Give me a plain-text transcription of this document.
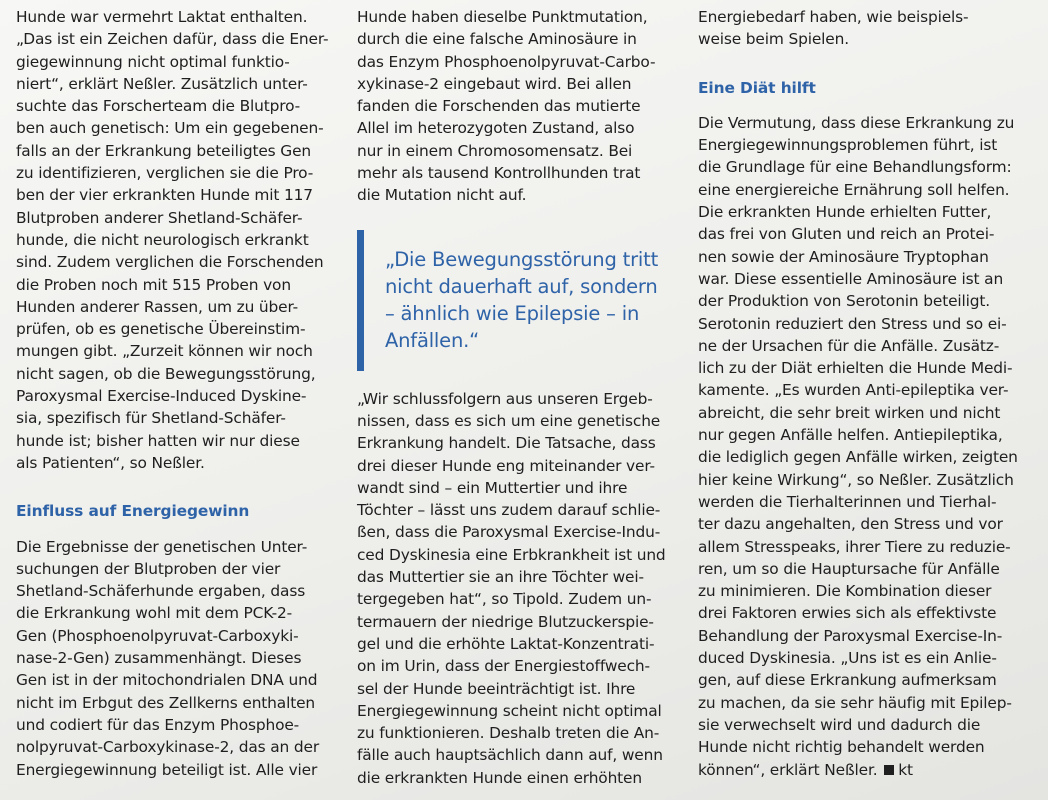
Hunde war vermehrt Laktat enthalten.
„Das ist ein Zeichen dafür, dass die Ener-
giegewinnung nicht optimal funktio-
niert“, erklärt Neßler. Zusätzlich unter-
suchte das Forscherteam die Blutpro-
ben auch genetisch: Um ein gegebenen-
falls an der Erkrankung beteiligtes Gen
zu identifizieren, verglichen sie die Pro-
ben der vier erkrankten Hunde mit 117
Blutproben anderer Shetland-Schäfer-
hunde, die nicht neurologisch erkrankt
sind. Zudem verglichen die Forschenden
die Proben noch mit 515 Proben von
Hunden anderer Rassen, um zu über-
prüfen, ob es genetische Übereinstim-
mungen gibt. „Zurzeit können wir noch
nicht sagen, ob die Bewegungsstörung,
Paroxysmal Exercise-Induced Dyskine-
sia, spezifisch für Shetland-Schäfer-
hunde ist; bisher hatten wir nur diese
als Patienten“, so Neßler.
Einfluss auf Energiegewinn
Die Ergebnisse der genetischen Unter-
suchungen der Blutproben der vier
Shetland-Schäferhunde ergaben, dass
die Erkrankung wohl mit dem PCK-2-
Gen (Phosphoenolpyruvat-Carboxyki-
nase-2-Gen) zusammenhängt. Dieses
Gen ist in der mitochondrialen DNA und
nicht im Erbgut des Zellkerns enthalten
und codiert für das Enzym Phosphoe-
nolpyruvat-Carboxykinase-2, das an der
Energiegewinnung beteiligt ist. Alle vier
Hunde haben dieselbe Punktmutation,
durch die eine falsche Aminosäure in
das Enzym Phosphoenolpyruvat-Carbo-
xykinase-2 eingebaut wird. Bei allen
fanden die Forschenden das mutierte
Allel im heterozygoten Zustand, also
nur in einem Chromosomensatz. Bei
mehr als tausend Kontrollhunden trat
die Mutation nicht auf.
„Die Bewegungsstörung tritt
nicht dauerhaft auf, sondern
– ähnlich wie Epilepsie – in
Anfällen.“
„Wir schlussfolgern aus unseren Ergeb-
nissen, dass es sich um eine genetische
Erkrankung handelt. Die Tatsache, dass
drei dieser Hunde eng miteinander ver-
wandt sind – ein Muttertier und ihre
Töchter – lässt uns zudem darauf schlie-
ßen, dass die Paroxysmal Exercise-Indu-
ced Dyskinesia eine Erbkrankheit ist und
das Muttertier sie an ihre Töchter wei-
tergegeben hat“, so Tipold. Zudem un-
termauern der niedrige Blutzuckerspie-
gel und die erhöhte Laktat-Konzentrati-
on im Urin, dass der Energiestoffwech-
sel der Hunde beeinträchtigt ist. Ihre
Energiegewinnung scheint nicht optimal
zu funktionieren. Deshalb treten die An-
fälle auch hauptsächlich dann auf, wenn
die erkrankten Hunde einen erhöhten
Energiebedarf haben, wie beispiels-
weise beim Spielen.
Eine Diät hilft
Die Vermutung, dass diese Erkrankung zu
Energiegewinnungsproblemen führt, ist
die Grundlage für eine Behandlungsform:
eine energiereiche Ernährung soll helfen.
Die erkrankten Hunde erhielten Futter,
das frei von Gluten und reich an Protei-
nen sowie der Aminosäure Tryptophan
war. Diese essentielle Aminosäure ist an
der Produktion von Serotonin beteiligt.
Serotonin reduziert den Stress und so ei-
ne der Ursachen für die Anfälle. Zusätz-
lich zu der Diät erhielten die Hunde Medi-
kamente. „Es wurden Anti-epileptika ver-
abreicht, die sehr breit wirken und nicht
nur gegen Anfälle helfen. Antiepileptika,
die lediglich gegen Anfälle wirken, zeigten
hier keine Wirkung“, so Neßler. Zusätzlich
werden die Tierhalterinnen und Tierhal-
ter dazu angehalten, den Stress und vor
allem Stresspeaks, ihrer Tiere zu reduzie-
ren, um so die Hauptursache für Anfälle
zu minimieren. Die Kombination dieser
drei Faktoren erwies sich als effektivste
Behandlung der Paroxysmal Exercise-In-
duced Dyskinesia. „Uns ist es ein Anlie-
gen, auf diese Erkrankung aufmerksam
zu machen, da sie sehr häufig mit Epilep-
sie verwechselt wird und dadurch die
Hunde nicht richtig behandelt werden
können“, erklärt Neßler. kt
